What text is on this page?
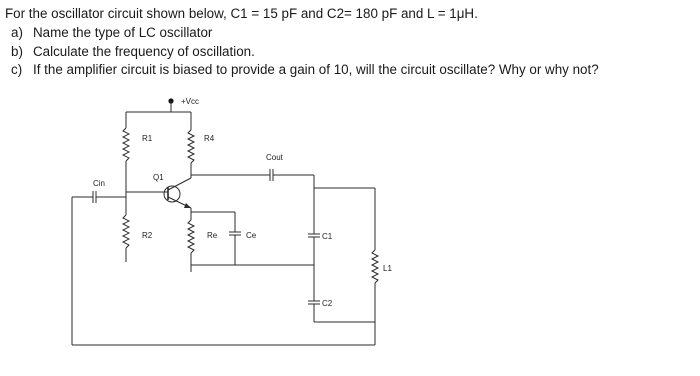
For the oscillator circuit shown below, C1 = 15 pF and C2= 180 pF and L = 1μH.
a) Name the type of LC oscillator
b) Calculate the frequency of oscillation.
c) If the amplifier circuit is biased to provide a gain of 10, will the circuit oscillate? Why or why not?
+Vcc
R1	R4
Cout
Q1
R2	Re	Ce	C1
C2
L1
Cin
